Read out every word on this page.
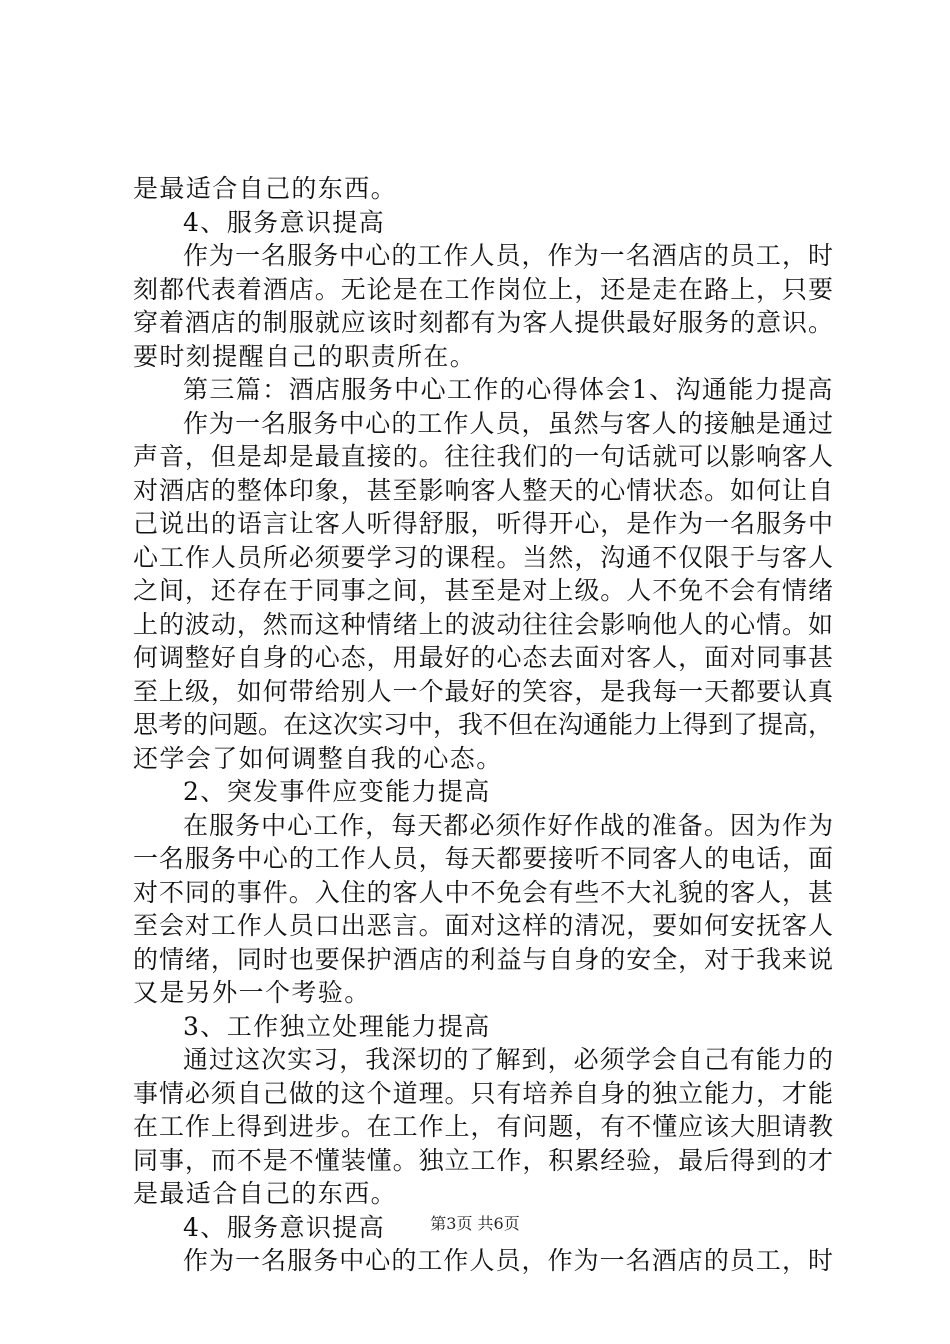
是最适合自己的东西。
4、服务意识提高
作为一名服务中心的工作人员，作为一名酒店的员工，时
刻都代表着酒店。无论是在工作岗位上，还是走在路上，只要
穿着酒店的制服就应该时刻都有为客人提供最好服务的意识。
要时刻提醒自己的职责所在。
第三篇：酒店服务中心工作的心得体会1、沟通能力提高
作为一名服务中心的工作人员，虽然与客人的接触是通过
声音，但是却是最直接的。往往我们的一句话就可以影响客人
对酒店的整体印象，甚至影响客人整天的心情状态。如何让自
己说出的语言让客人听得舒服，听得开心，是作为一名服务中
心工作人员所必须要学习的课程。当然，沟通不仅限于与客人
之间，还存在于同事之间，甚至是对上级。人不免不会有情绪
上的波动，然而这种情绪上的波动往往会影响他人的心情。如
何调整好自身的心态，用最好的心态去面对客人，面对同事甚
至上级，如何带给别人一个最好的笑容，是我每一天都要认真
思考的问题。在这次实习中，我不但在沟通能力上得到了提高，
还学会了如何调整自我的心态。
2、突发事件应变能力提高
在服务中心工作，每天都必须作好作战的准备。因为作为
一名服务中心的工作人员，每天都要接听不同客人的电话，面
对不同的事件。入住的客人中不免会有些不大礼貌的客人，甚
至会对工作人员口出恶言。面对这样的清况，要如何安抚客人
的情绪，同时也要保护酒店的利益与自身的安全，对于我来说
又是另外一个考验。
3、工作独立处理能力提高
通过这次实习，我深切的了解到，必须学会自己有能力的
事情必须自己做的这个道理。只有培养自身的独立能力，才能
在工作上得到进步。在工作上，有问题，有不懂应该大胆请教
同事，而不是不懂装懂。独立工作，积累经验，最后得到的才
是最适合自己的东西。
4、服务意识提高
作为一名服务中心的工作人员，作为一名酒店的员工，时
第3页 共6页
